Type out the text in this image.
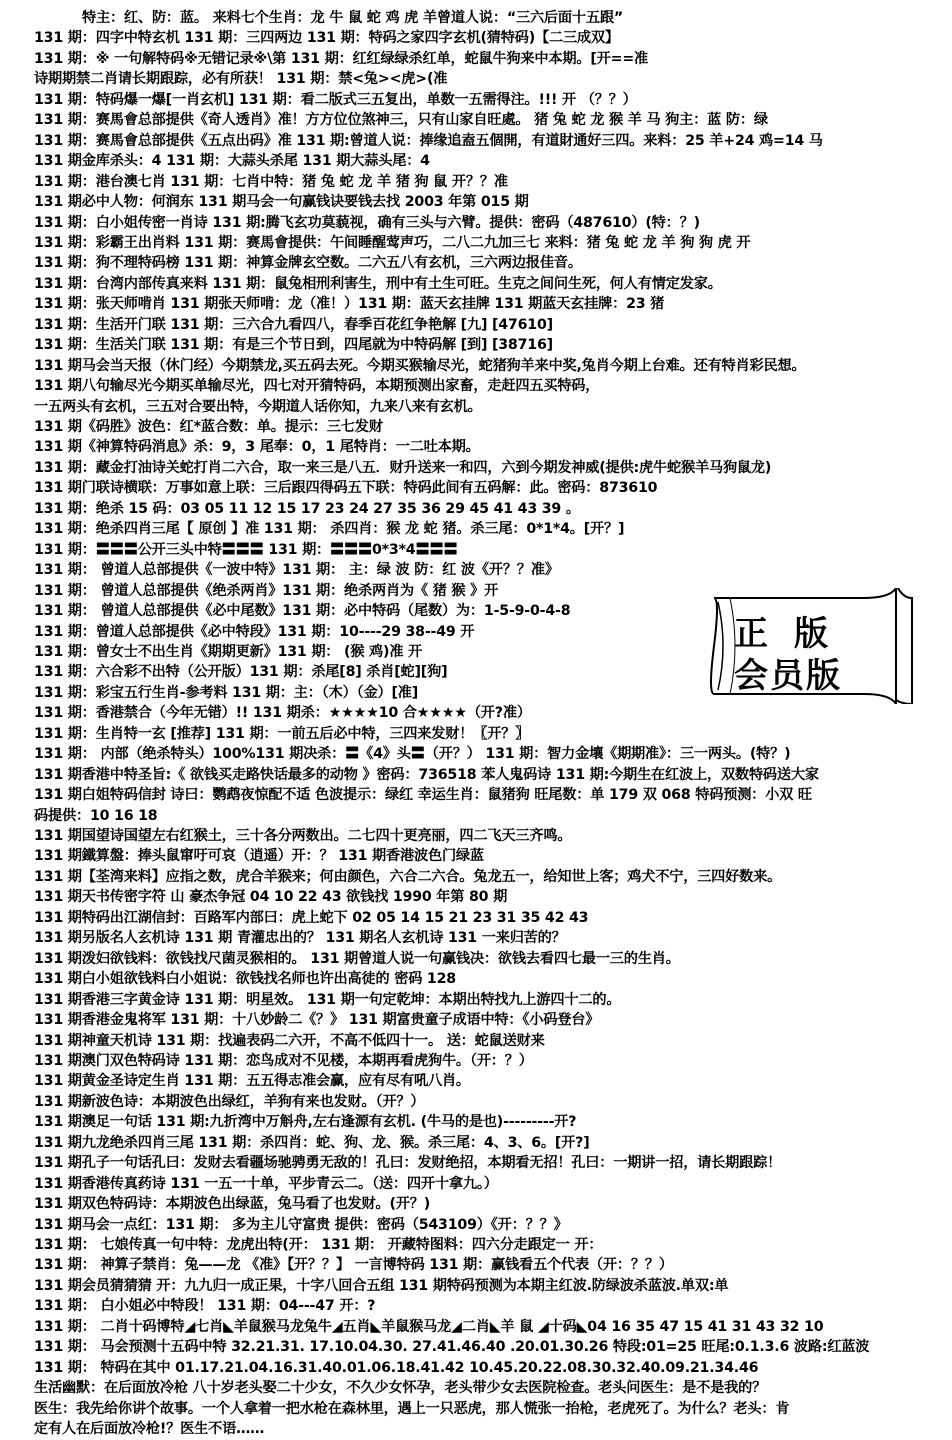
特主：红、防：蓝。 来料七个生肖：龙 牛 鼠 蛇 鸡 虎 羊曾道人说：“三六后面十五跟”
131 期：四字中特玄机 131 期：三四两边 131 期：特码之家四字玄机(猜特码)【二三成双】
131 期：※ 一句解特码※无错记录※\第 131 期：红红绿绿杀红单，蛇鼠牛狗来中本期。[开==准
诗期期禁二肖请长期跟踪，必有所获！ 131 期：禁<兔><虎>(准
131 期：特码爆一爆[一肖玄机] 131 期：看二版式三五复出，单数一五需得注。!!! 开 （？？）
131 期：赛馬會总部提供《奇人透肖》准！方方位位煞神三，只有山家自旺處。 猪 兔 蛇 龙 猴 羊 马 狗主：蓝 防：绿
131 期：赛馬會总部提供《五点出码》准 131 期:曾道人说：捧缘追盍五個開，有道財通好三四。来料：25 羊+24 鸡=14 马
131 期金库杀头：4 131 期：大蒜头杀尾 131 期大蒜头尾：4
131 期：港台澳七肖 131 期：七肖中特：猪 兔 蛇 龙 羊 猪 狗 鼠 开？？准
131 期必中人物：何润东 131 期马会一句赢钱诀要钱去找 2003 年第 015 期
131 期：白小姐传密一肖诗 131 期:腾飞玄功莫藐视，确有三头与六臂。提供：密码（487610）(特：？)
131 期：彩霸王出肖料 131 期：赛馬會提供：午间睡醒莺声巧，二八二九加三七 来料：猪 兔 蛇 龙 羊 狗 狗 虎 开
131 期：狗不理特码榜 131 期：神算金牌玄空数。二六五八有玄机，三六两边报佳音。
131 期：台湾内部传真来料 131 期：鼠兔相刑利害生，刑中有土生可旺。生克之间问生死，何人有情定发家。
131 期：张天师啃肖 131 期张天师啃：龙（准！）131 期：蓝天玄挂牌 131 期蓝天玄挂牌：23 猪
131 期：生活开门联 131 期：三六合九看四八，春季百花红争艳解 [九] [47610]
131 期：生活关门联 131 期：有是三个节日到，四尾就为中特码解 [到] [38716]
131 期马会当天报（休门经）今期禁龙,买五码去死。今期买猴输尽光，蛇猪狗羊来中奖,兔肖今期上台难。还有特肖彩民想。
131 期八句输尽光今期买单输尽光，四七对开猜特码，本期预测出家畜，走赶四五买特码，
一五两头有玄机，三五对合要出特，今期道人话你知，九来八来有玄机。
131 期《码胜》波色：红*蓝合数：单。提示：三七发财
131 期《神算特码消息》杀：9，3 尾奉：0，1 尾特肖：一二吐本期。
131 期：藏金打油诗关蛇打肖二六合，取一来三是八五．财升送来一和四，六到今期发神威(提供:虎牛蛇猴羊马狗鼠龙)
131 期门联诗横联：万事如意上联：三后跟四得码五下联：特码此间有五码解：此。密码：873610
131 期：绝杀 15 码：03 05 11 12 15 17 23 24 27 35 36 29 45 41 43 39 。
131 期：绝杀四肖三尾【 原创 】准 131 期： 杀四肖：猴 龙 蛇 猪。杀三尾：0*1*4。[开？]
131 期：〓〓〓公开三头中特〓〓〓 131 期：〓〓〓0*3*4〓〓〓
131 期： 曾道人总部提供《一波中特》131 期： 主：绿 波 防：红 波《开？？准》
131 期： 曾道人总部提供《绝杀两肖》131 期：绝杀两肖为《 猪 猴 》开
131 期： 曾道人总部提供《必中尾数》131 期：必中特码（尾数）为：1-5-9-0-4-8
131 期：曾道人总部提供《必中特段》131 期：10----29 38--49 开
131 期：曾女士不出生肖《期期更新》131 期： (猴 鸡)准 开
131 期：六合彩不出特（公开版）131 期：杀尾[8] 杀肖[蛇][狗]
131 期：彩宝五行生肖-参考料 131 期：主：（木）（金）[准]
131 期：香港禁合（今年无错）!! 131 期杀：★★★★10 合★★★★（开?准）
131 期：生肖特一玄 [推荐] 131 期：一前五后必中特，三四来发财！〖开？〗
131 期： 内部（绝杀特头）100%131 期决杀：〓《4》头〓（开？） 131 期：智力金壤《期期准》：三一两头。(特？)
131 期香港中特圣旨:《 欲钱买走路快话最多的动物 》密码：736518 苯人鬼码诗 131 期:今期生在红波上，双数特码送大家
131 期白姐特码信封 诗曰：鹦鹉夜惊配不适 色波提示：绿红 幸运生肖：鼠猪狗 旺尾数：单 179 双 068 特码预测：小双 旺
码提供：10 16 18
131 期国望诗国望左右红猴土，三十各分两数出。二七四十更亮丽，四二飞天三齐鸣。
131 期鐵算盤：捧头鼠窜吁可哀（逍遥）开：？ 131 期香港波色门绿蓝
131 期【荃湾来料】应指之数，虎合羊猴来；何由颜色，六合二六合。兔龙五一，给知世上客；鸡犬不宁，三四好数来。
131 期天书传密字符 山 豪杰争冠 04 10 22 43 欲钱找 1990 年第 80 期
131 期特码出江湖信封：百路军内部曰：虎上蛇下 02 05 14 15 21 23 31 35 42 43
131 期另版名人玄机诗 131 期 青灌忠出的？ 131 期名人玄机诗 131 一来归苦的？
131 期泼妇欲钱料：欲钱找尺菌灵猴相的。 131 期曾道人说一句赢钱决：欲钱去看四七最一三的生肖。
131 期白小姐欲钱料白小姐说：欲钱找名师也许出高徒的 密码 128
131 期香港三字黄金诗 131 期：明星效。 131 期一句定乾坤：本期出特找九上游四十二的。
131 期香港金鬼将军 131 期：十八妙龄二《？》 131 期富贵童子成语中特：《小码登台》
131 期神童天机诗 131 期：找遍表码二六开，不高不低四十一。 送：蛇鼠送财来
131 期澳门双色特码诗 131 期：恋鸟成对不见楼，本期再看虎狗牛。（开：？）
131 期黄金圣诗定生肖 131 期：五五得志准会赢，应有尽有吼八肖。
131 期新波色诗：本期波色出绿红，羊狗有来也发财。（开？）
131 期澳足一句话 131 期:九折湾中万斛舟,左右逢源有玄机. (牛马的是也)---------开?
131 期九龙绝杀四肖三尾 131 期：杀四肖：蛇、狗、龙、猴。杀三尾：4、3、6。[开?]
131 期孔子一句话孔曰：发财去看疆场驰骋勇无敌的！孔曰：发财绝招，本期看无招！孔曰：一期讲一招，请长期跟踪！
131 期香港传真药诗 131 一五一十单，平步青云二。（送：四开十拿九。）
131 期双色特码诗：本期波色出绿蓝，兔马看了也发财。(开？)
131 期马会一点红：131 期： 多为主儿守富贵 提供：密码（543109）《开：？？》
131 期： 七娘传真一句中特：龙虎出特(开： 131 期： 开藏特图料：四六分走跟定一 开：
131 期： 神算子禁肖：兔——龙 《准》【开？？】 一言博特码 131 期：赢钱看五个代表（开：？？）
131 期会员猜猜猜 开：九九归一成正果，十字八回合五组 131 期特码预测为本期主红波.防绿波杀蓝波.单双:单
131 期： 白小姐必中特段！ 131 期：04---47 开：?
131 期： 二肖十码博特◢七肖◣羊鼠猴马龙兔牛◢五肖◣羊鼠猴马龙◢二肖◣羊 鼠 ◢十码◣04 16 35 47 15 41 31 43 32 10
131 期： 马会预测十五码中特 32.21.31. 17.10.04.30. 27.41.46.40 .20.01.30.26 特段:01=25 旺尾:0.1.3.6 波路:红蓝波
131 期： 特码在其中 01.17.21.04.16.31.40.01.06.18.41.42 10.45.20.22.08.30.32.40.09.21.34.46
生活幽默：在后面放冷枪 八十岁老头娶二十少女，不久少女怀孕，老头带少女去医院检查。老头问医生：是不是我的？
医生：我先给你讲个故事。一个人拿着一把水枪在森林里，遇上一只恶虎，那人慌张一抬枪，老虎死了。为什么？老头：肯
定有人在后面放冷枪!？医生不语……
正版
会员版
